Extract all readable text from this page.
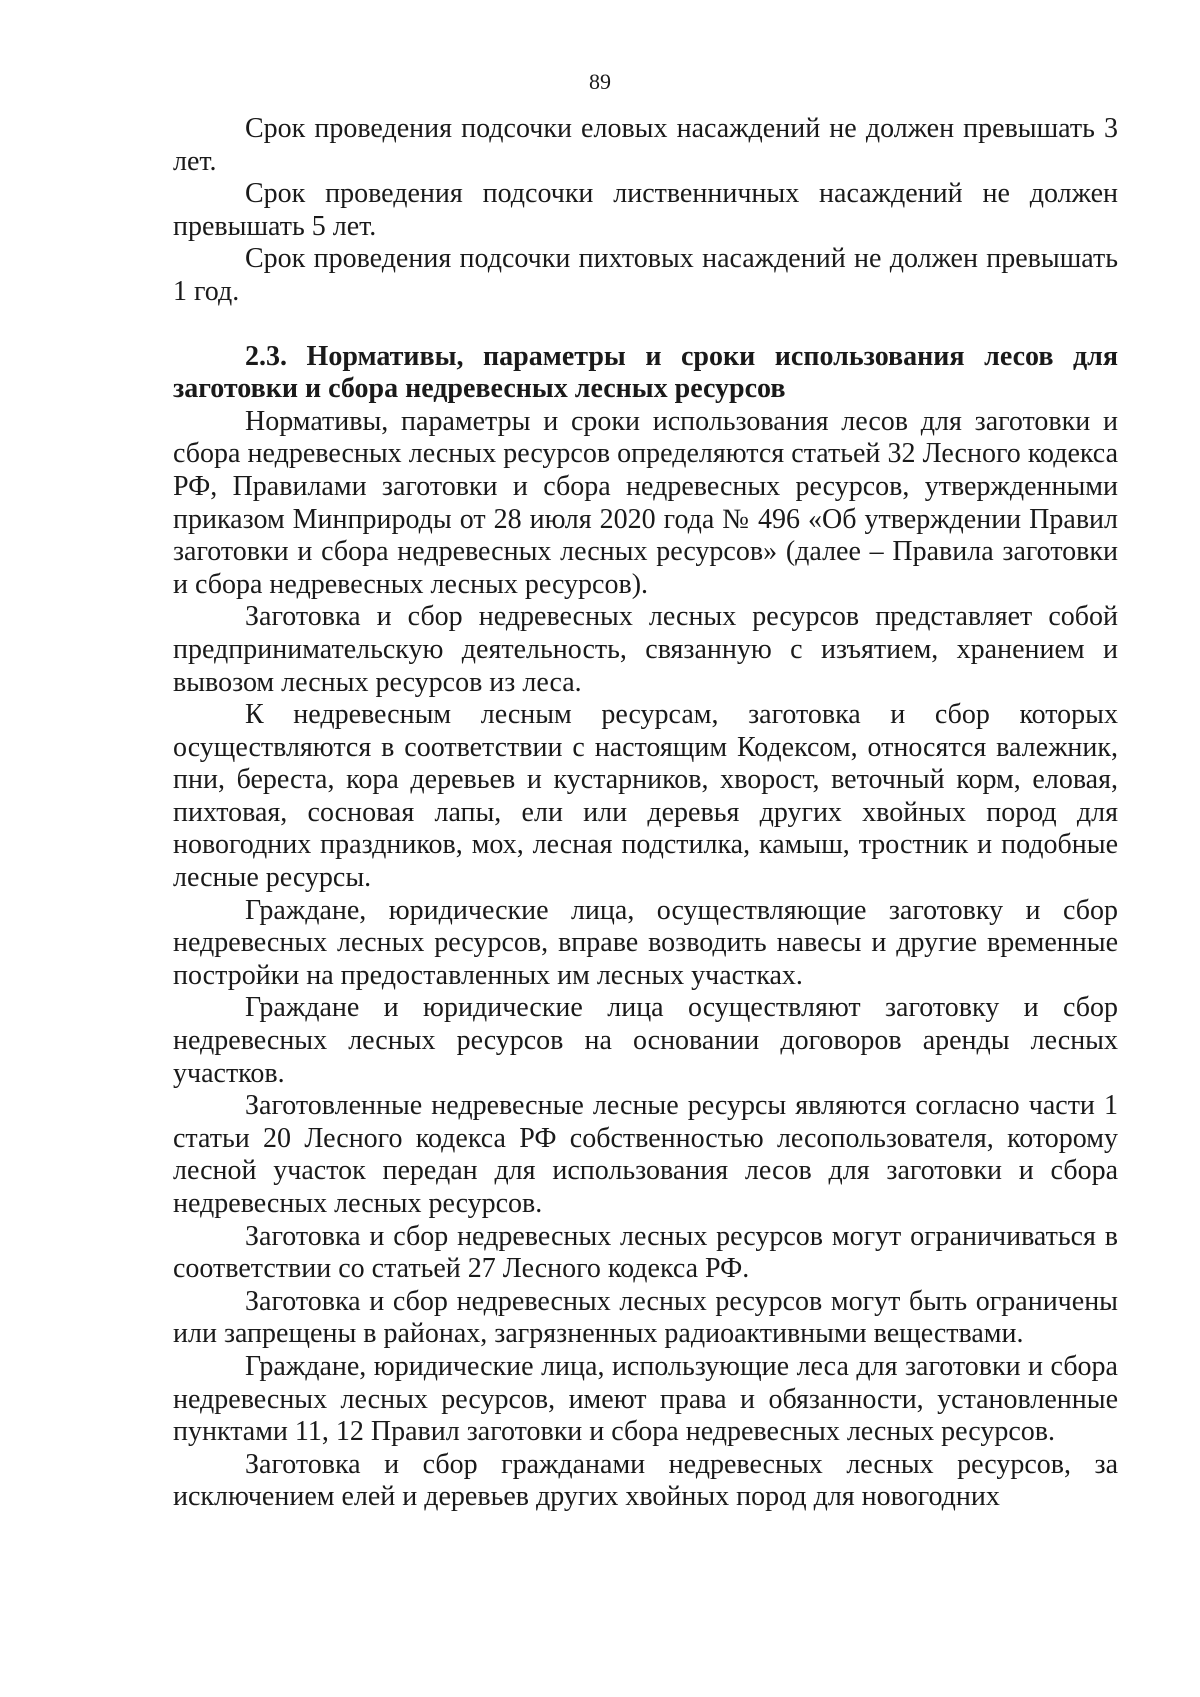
89

Срок проведения подсочки еловых насаждений не должен превышать 3 лет.

Срок проведения подсочки лиственничных насаждений не должен превышать 5 лет.

Срок проведения подсочки пихтовых насаждений не должен превышать 1 год.

2.3. Нормативы, параметры и сроки использования лесов для заготовки и сбора недревесных лесных ресурсов

Нормативы, параметры и сроки использования лесов для заготовки и сбора недревесных лесных ресурсов определяются статьей 32 Лесного кодекса РФ, Правилами заготовки и сбора недревесных ресурсов, утвержденными приказом Минприроды от 28 июля 2020 года № 496 «Об утверждении Правил заготовки и сбора недревесных лесных ресурсов» (далее – Правила заготовки и сбора недревесных лесных ресурсов).

Заготовка и сбор недревесных лесных ресурсов представляет собой предпринимательскую деятельность, связанную с изъятием, хранением и вывозом лесных ресурсов из леса.

К недревесным лесным ресурсам, заготовка и сбор которых осуществляются в соответствии с настоящим Кодексом, относятся валежник, пни, береста, кора деревьев и кустарников, хворост, веточный корм, еловая, пихтовая, сосновая лапы, ели или деревья других хвойных пород для новогодних праздников, мох, лесная подстилка, камыш, тростник и подобные лесные ресурсы.

Граждане, юридические лица, осуществляющие заготовку и сбор недревесных лесных ресурсов, вправе возводить навесы и другие временные постройки на предоставленных им лесных участках.

Граждане и юридические лица осуществляют заготовку и сбор недревесных лесных ресурсов на основании договоров аренды лесных участков.

Заготовленные недревесные лесные ресурсы являются согласно части 1 статьи 20 Лесного кодекса РФ собственностью лесопользователя, которому лесной участок передан для использования лесов для заготовки и сбора недревесных лесных ресурсов.

Заготовка и сбор недревесных лесных ресурсов могут ограничиваться в соответствии со статьей 27 Лесного кодекса РФ.

Заготовка и сбор недревесных лесных ресурсов могут быть ограничены или запрещены в районах, загрязненных радиоактивными веществами.

Граждане, юридические лица, использующие леса для заготовки и сбора недревесных лесных ресурсов, имеют права и обязанности, установленные пунктами 11, 12 Правил заготовки и сбора недревесных лесных ресурсов.

Заготовка и сбор гражданами недревесных лесных ресурсов, за исключением елей и деревьев других хвойных пород для новогодних
